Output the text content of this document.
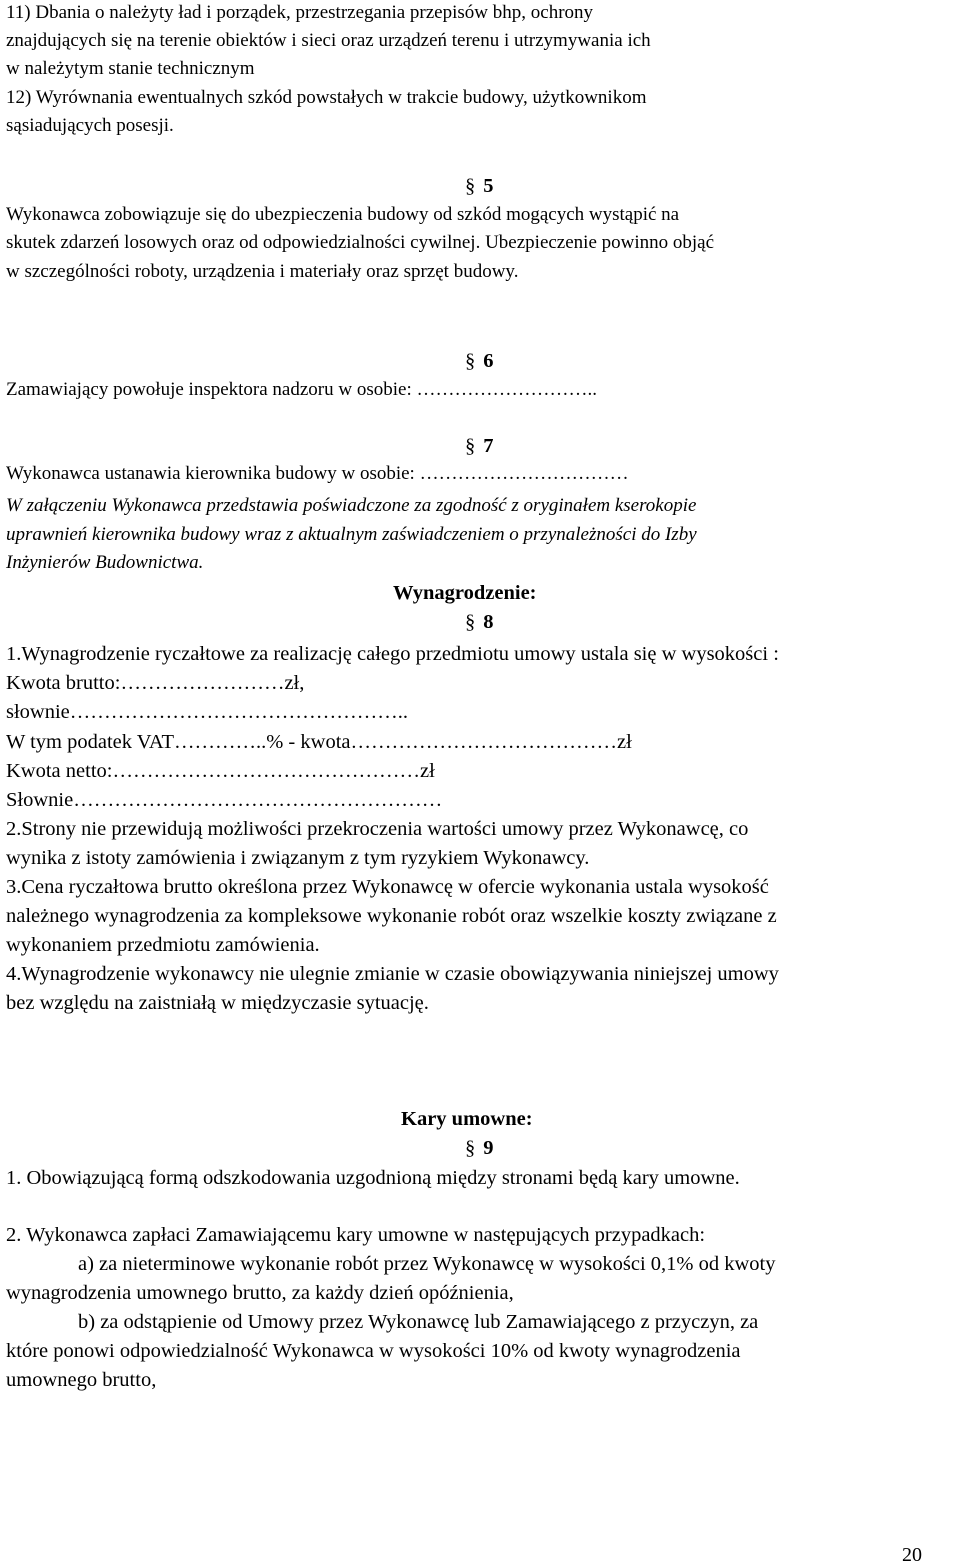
11) Dbania o należyty ład i porządek, przestrzegania przepisów bhp, ochrony
znajdujących się na terenie obiektów i sieci oraz urządzeń terenu i utrzymywania ich
w należytym stanie technicznym
12) Wyrównania ewentualnych szkód powstałych w trakcie budowy, użytkownikom
sąsiadujących posesji.
§ 5
Wykonawca zobowiązuje się do ubezpieczenia budowy od szkód mogących wystąpić na
skutek zdarzeń losowych oraz od odpowiedzialności cywilnej. Ubezpieczenie powinno objąć
w szczególności roboty, urządzenia i materiały oraz sprzęt budowy.
§ 6
Zamawiający powołuje inspektora nadzoru w osobie: ………………………..
§ 7
Wykonawca ustanawia kierownika budowy w osobie: ……………………………
W załączeniu Wykonawca przedstawia poświadczone za zgodność z oryginałem kserokopie
uprawnień kierownika budowy wraz z aktualnym zaświadczeniem o przynależności do Izby
Inżynierów Budownictwa.
Wynagrodzenie:
§ 8
1.Wynagrodzenie ryczałtowe za realizację całego przedmiotu umowy ustala się w wysokości :
Kwota brutto:……………………zł,
słownie…………………………………………..
W tym podatek VAT…………..% - kwota…………………………………zł
Kwota netto:………………………………………zł
Słownie………………………………………………
2.Strony nie przewidują możliwości przekroczenia wartości umowy przez Wykonawcę, co
wynika z istoty zamówienia i związanym z tym ryzykiem Wykonawcy.
3.Cena ryczałtowa brutto określona przez Wykonawcę w ofercie wykonania ustala wysokość
należnego wynagrodzenia za kompleksowe wykonanie robót oraz wszelkie koszty związane z
wykonaniem przedmiotu zamówienia.
4.Wynagrodzenie wykonawcy nie ulegnie zmianie w czasie obowiązywania niniejszej umowy
bez względu na zaistniałą w międzyczasie sytuację.
Kary umowne:
§ 9
1. Obowiązującą formą odszkodowania uzgodnioną między stronami będą kary umowne.
2. Wykonawca zapłaci Zamawiającemu kary umowne w następujących przypadkach:
a) za nieterminowe wykonanie robót przez Wykonawcę w wysokości 0,1% od kwoty
wynagrodzenia umownego brutto, za każdy dzień opóźnienia,
b) za odstąpienie od Umowy przez Wykonawcę lub Zamawiającego z przyczyn, za
które ponowi odpowiedzialność Wykonawca w wysokości 10% od kwoty wynagrodzenia
umownego brutto,
20
